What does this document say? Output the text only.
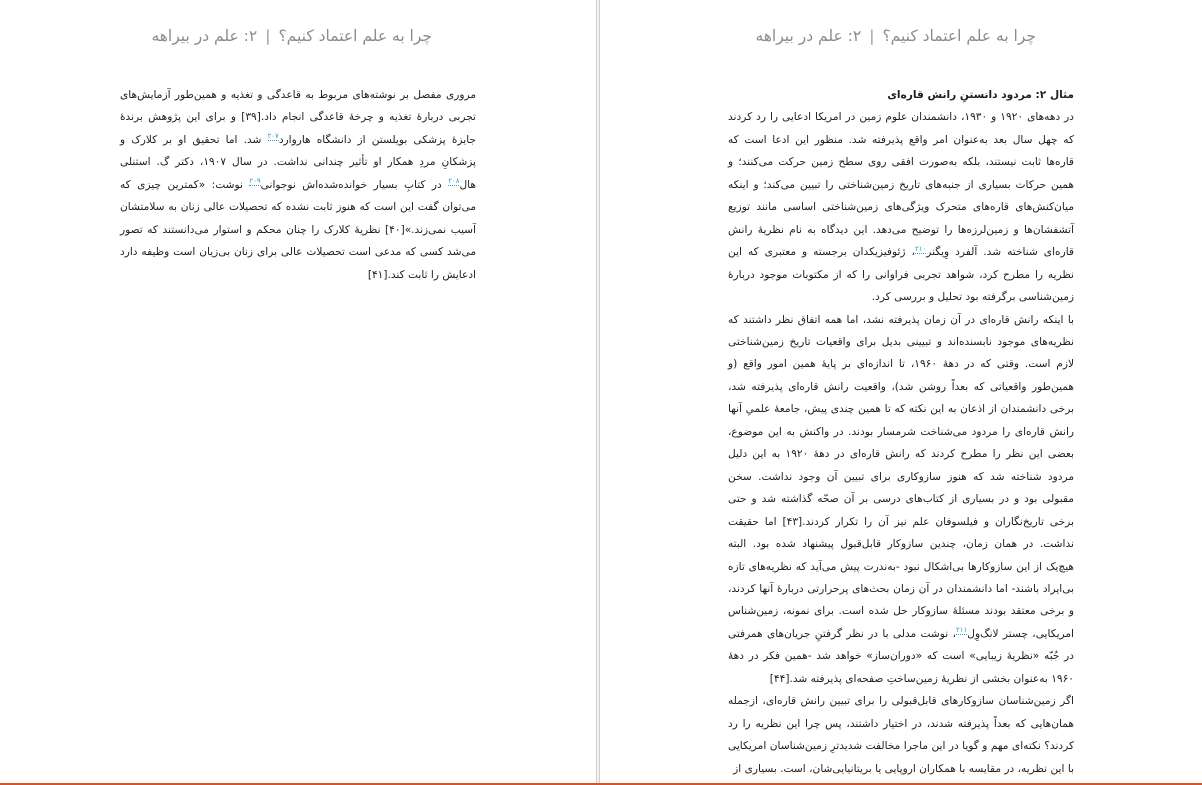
چرا به علم اعتماد کنیم؟|۲: علم در بیراهه

مروری مفصل بر نوشته‌های مربوط به قاعدگی و تغذیه و همین‌طور آزمایش‌های تجربی دربارهٔ تغذیه و چرخهٔ قاعدگی انجام داد.[۳۹] و برای این پژوهش برندهٔ جایزهٔ پزشکی بویلستن از دانشگاه هاروارد$^{۲۰۷}$ شد. اما تحقیق او بر کلارک و پزشکانِ مردِ همکار او تأثیر چندانی نداشت. در سال ۱۹۰۷، دکتر گ. استنلی هال$^{۲۰۸}$ در کتابِ بسیار خوانده‌شده‌اش نوجوانی$^{۲۰۹}$ نوشت: «کمترین چیزی که می‌توان گفت این است که هنوز ثابت نشده که تحصیلات عالی زنان به سلامتشان آسیب نمی‌زند.»[۴۰] نظریهٔ کلارک را چنان محکم و استوار می‌دانستند که تصور می‌شد کسی که مدعی است تحصیلات عالی برای زنان بی‌زیان است وظیفه دارد ادعایش را ثابت کند.[۴۱]

چرا به علم اعتماد کنیم؟|۲: علم در بیراهه

مثال ۲: مردود دانستنِ رانش قاره‌ای

در دهه‌های ۱۹۲۰ و ۱۹۳۰، دانشمندان علوم زمین در امریکا ادعایی را رد کردند که چهل سال بعد به‌عنوان امر واقع پذیرفته شد. منظور این ادعا است که قاره‌ها ثابت نیستند، بلکه به‌صورت افقی روی سطح زمین حرکت می‌کنند؛ و همین حرکات بسیاری از جنبه‌های تاریخ زمین‌شناختی را تبیین می‌کند؛ و اینکه میان‌کنش‌های قاره‌های متحرک ویژگی‌های زمین‌شناختی اساسی مانند توزیع آتشفشان‌ها و زمین‌لرزه‌ها را توضیح می‌دهد. این دیدگاه به نام نظریهٔ رانش قاره‌ای شناخته شد. آلفرد وِیگنر$^{۲۱۰}$، ژئوفیزیکدان برجسته و معتبری که این نظریه را مطرح کرد، شواهد تجربی فراوانی را که از مکتوبات موجود دربارهٔ زمین‌شناسی برگرفته بود تحلیل و بررسی کرد.

با اینکه رانش قاره‌ای در آن زمان پذیرفته نشد، اما همه اتفاق نظر داشتند که نظریه‌های موجود نابسنده‌اند و تبیینی بدیل برای واقعیات تاریخ زمین‌شناختی لازم است. وقتی که در دههٔ ۱۹۶۰، تا اندازه‌ای بر پایهٔ همین امور واقع (و همین‌طور واقعیاتی که بعداً روشن شد)، واقعیت رانش قاره‌ای پذیرفته شد، برخی دانشمندان از اذعان به این نکته که تا همین چندی پیش، جامعهٔ علمیِ آنها رانش قاره‌ای را مردود می‌شناخت شرمسار بودند. در واکنش به این موضوع، بعضی این نظر را مطرح کردند که رانش قاره‌ای در دههٔ ۱۹۲۰ به این دلیل مردود شناخته شد که هنوز سازوکاری برای تبیین آن وجود نداشت. سخن مقبولی بود و در بسیاری از کتاب‌های درسی بر آن صحّه گذاشته شد و حتی برخی تاریخ‌نگاران و فیلسوفان علم نیز آن را تکرار کردند.[۴۳] اما حقیقت نداشت. در همان زمان، چندین سازوکار قابل‌قبول پیشنهاد شده بود. البته هیچ‌یک از این سازوکارها بی‌اشکال نبود -به‌ندرت پیش می‌آید که نظریه‌های تازه بی‌ایراد باشند- اما دانشمندان در آن زمان بحث‌های پرحرارتی دربارهٔ آنها کردند، و برخی معتقد بودند مسئلهٔ سازوکار حل شده است. برای نمونه، زمین‌شناس امریکایی، چستر لانگ‌وِل$^{۲۱۱}$، نوشت مدلی با در نظر گرفتنِ جریان‌های همرفتی در جُبّه «نظریهٔ زیبایی» است که «دوران‌ساز» خواهد شد -همین فکر در دههٔ ۱۹۶۰ به‌عنوان بخشی از نظریهٔ زمین‌ساختِ صفحه‌ای پذیرفته شد.[۴۴]

اگر زمین‌شناسان سازوکارهای قابل‌قبولی را برای تبیین رانش قاره‌ای، ازجمله همان‌هایی که بعداً پذیرفته شدند، در اختیار داشتند، پس چرا این نظریه را رد کردند؟ نکته‌ای مهم و گویا در این ماجرا مخالفت شدیدترِ زمین‌شناسان امریکایی با این نظریه، در مقایسه با همکاران اروپایی یا بریتانیایی‌شان، است. بسیاری از
